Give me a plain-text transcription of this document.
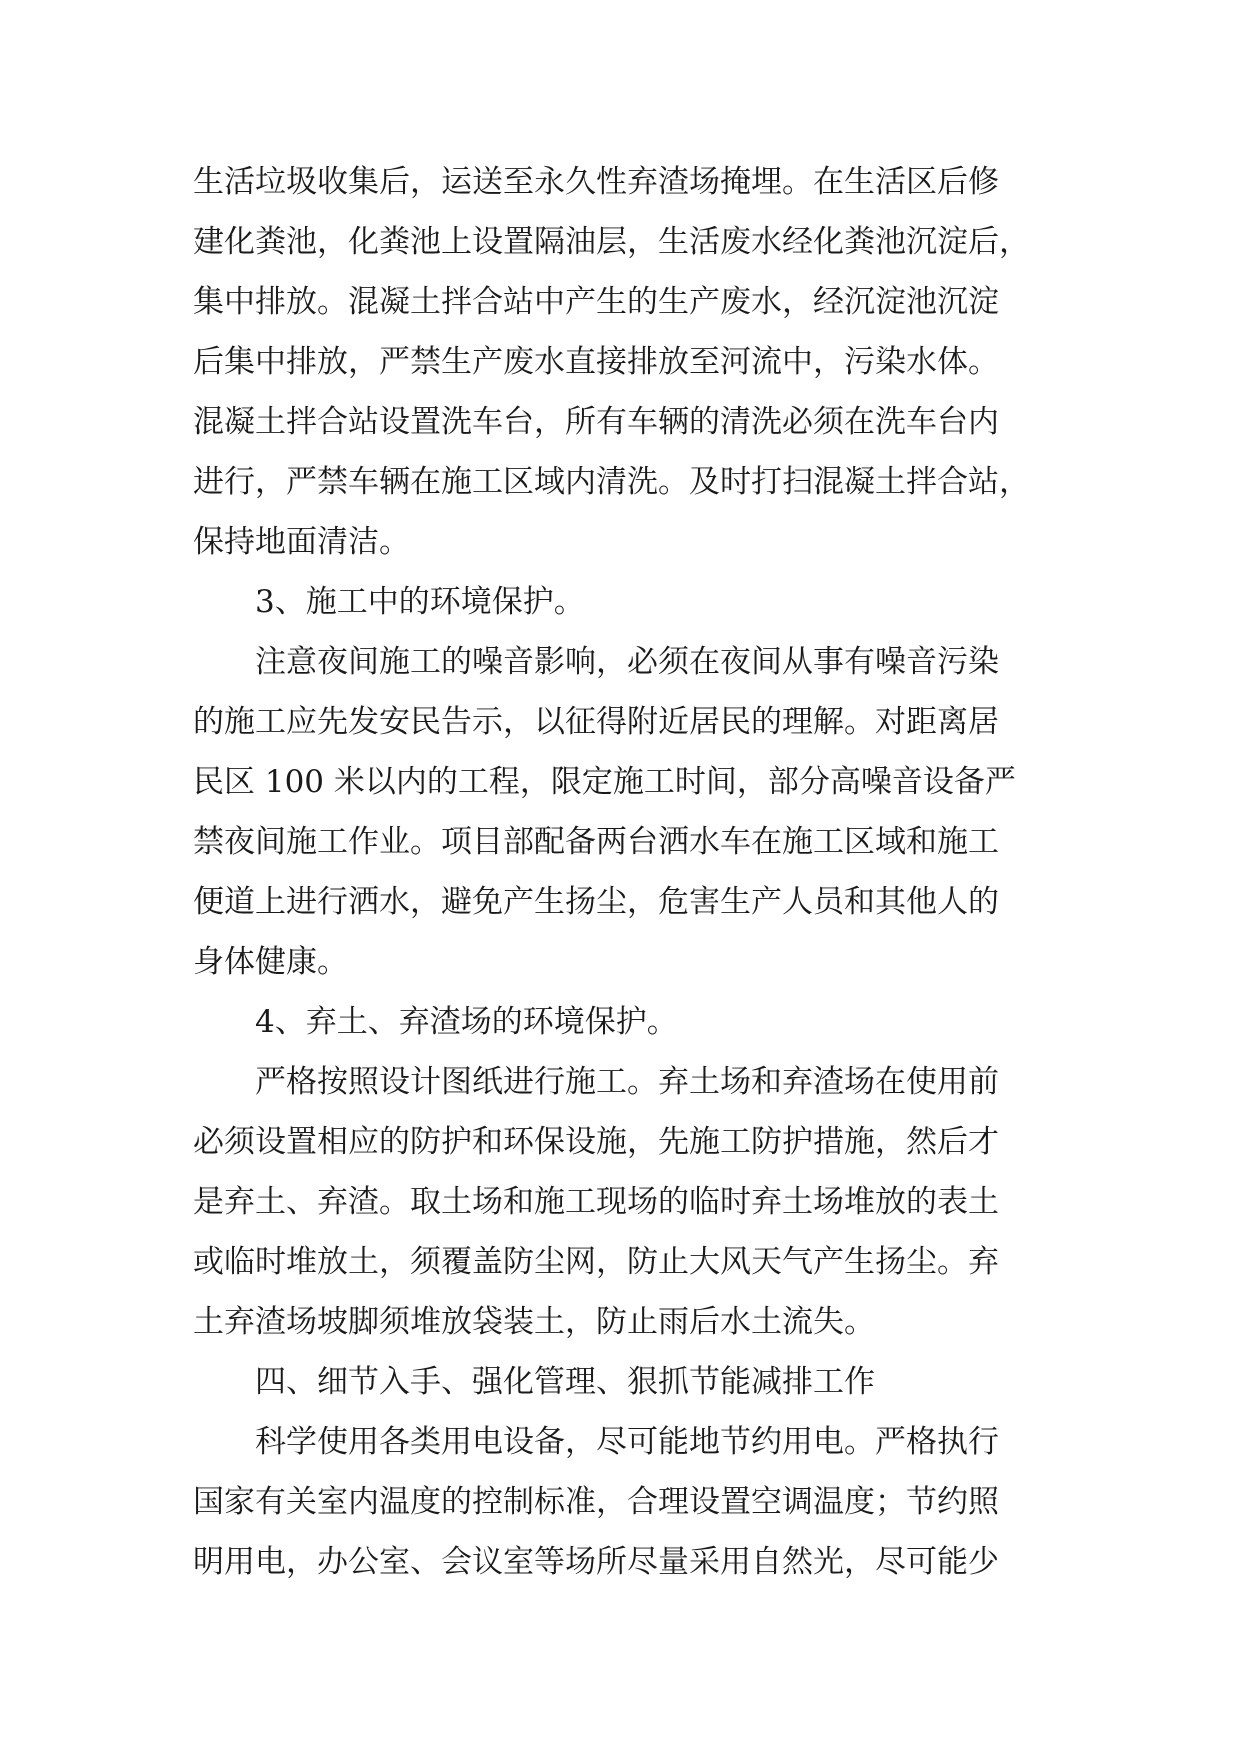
生活垃圾收集后，运送至永久性弃渣场掩埋。在生活区后修
建化粪池，化粪池上设置隔油层，生活废水经化粪池沉淀后，
集中排放。混凝土拌合站中产生的生产废水，经沉淀池沉淀
后集中排放，严禁生产废水直接排放至河流中，污染水体。
混凝土拌合站设置洗车台，所有车辆的清洗必须在洗车台内
进行，严禁车辆在施工区域内清洗。及时打扫混凝土拌合站，
保持地面清洁。
3、施工中的环境保护。
注意夜间施工的噪音影响，必须在夜间从事有噪音污染
的施工应先发安民告示，以征得附近居民的理解。对距离居
民区 100 米以内的工程，限定施工时间，部分高噪音设备严
禁夜间施工作业。项目部配备两台洒水车在施工区域和施工
便道上进行洒水，避免产生扬尘，危害生产人员和其他人的
身体健康。
4、弃土、弃渣场的环境保护。
严格按照设计图纸进行施工。弃土场和弃渣场在使用前
必须设置相应的防护和环保设施，先施工防护措施，然后才
是弃土、弃渣。取土场和施工现场的临时弃土场堆放的表土
或临时堆放土，须覆盖防尘网，防止大风天气产生扬尘。弃
土弃渣场坡脚须堆放袋装土，防止雨后水土流失。
四、细节入手、强化管理、狠抓节能减排工作
科学使用各类用电设备，尽可能地节约用电。严格执行
国家有关室内温度的控制标准，合理设置空调温度；节约照
明用电，办公室、会议室等场所尽量采用自然光，尽可能少
